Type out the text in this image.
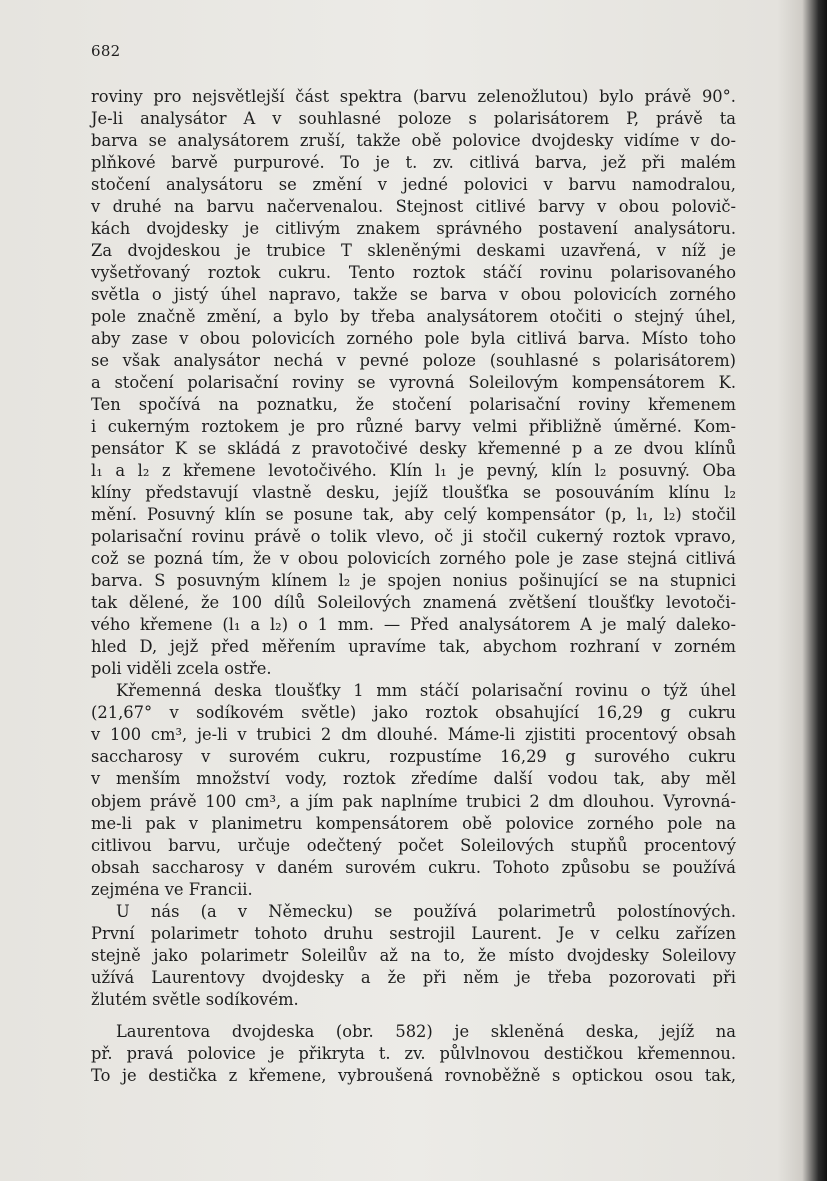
682
roviny pro nejsvětlejší část spektra (barvu zelenožlutou) bylo právě 90°.
Je-li analysátor A v souhlasné poloze s polarisátorem P, právě ta
barva se analysátorem zruší, takže obě polovice dvojdesky vidíme v do-
plňkové barvě purpurové. To je t. zv. citlivá barva, jež při malém
stočení analysátoru se změní v jedné polovici v barvu namodralou,
v druhé na barvu načervenalou. Stejnost citlivé barvy v obou polovič-
kách dvojdesky je citlivým znakem správného postavení analysátoru.
Za dvojdeskou je trubice T skleněnými deskami uzavřená, v níž je
vyšetřovaný roztok cukru. Tento roztok stáčí rovinu polarisovaného
světla o jistý úhel napravo, takže se barva v obou polovicích zorného
pole značně změní, a bylo by třeba analysátorem otočiti o stejný úhel,
aby zase v obou polovicích zorného pole byla citlivá barva. Místo toho
se však analysátor nechá v pevné poloze (souhlasné s polarisátorem)
a stočení polarisační roviny se vyrovná Soleilovým kompensátorem K.
Ten spočívá na poznatku, že stočení polarisační roviny křemenem
i cukerným roztokem je pro různé barvy velmi přibližně úměrné. Kom-
pensátor K se skládá z pravotočivé desky křemenné p a ze dvou klínů
l₁ a l₂ z křemene levotočivého. Klín l₁ je pevný, klín l₂ posuvný. Oba
klíny představují vlastně desku, jejíž tloušťka se posouváním klínu l₂
mění. Posuvný klín se posune tak, aby celý kompensátor (p, l₁, l₂) stočil
polarisační rovinu právě o tolik vlevo, oč ji stočil cukerný roztok vpravo,
což se pozná tím, že v obou polovicích zorného pole je zase stejná citlivá
barva. S posuvným klínem l₂ je spojen nonius pošinující se na stupnici
tak dělené, že 100 dílů Soleilových znamená zvětšení tloušťky levotoči-
vého křemene (l₁ a l₂) o 1 mm. — Před analysátorem A je malý daleko-
hled D, jejž před měřením upravíme tak, abychom rozhraní v zorném
poli viděli zcela ostře.
Křemenná deska tloušťky 1 mm stáčí polarisační rovinu o týž úhel
(21,67° v sodíkovém světle) jako roztok obsahující 16,29 g cukru
v 100 cm³, je-li v trubici 2 dm dlouhé. Máme-li zjistiti procentový obsah
saccharosy v surovém cukru, rozpustíme 16,29 g surového cukru
v menším množství vody, roztok zředíme další vodou tak, aby měl
objem právě 100 cm³, a jím pak naplníme trubici 2 dm dlouhou. Vyrovná-
me-li pak v planimetru kompensátorem obě polovice zorného pole na
citlivou barvu, určuje odečtený počet Soleilových stupňů procentový
obsah saccharosy v daném surovém cukru. Tohoto způsobu se používá
zejména ve Francii.
U nás (a v Německu) se používá polarimetrů polostínových.
První polarimetr tohoto druhu sestrojil Laurent. Je v celku zařízen
stejně jako polarimetr Soleilův až na to, že místo dvojdesky Soleilovy
užívá Laurentovy dvojdesky a že při něm je třeba pozorovati při
žlutém světle sodíkovém.
Laurentova dvojdeska (obr. 582) je skleněná deska, jejíž na
př. pravá polovice je přikryta t. zv. půlvlnovou destičkou křemennou.
To je destička z křemene, vybroušená rovnoběžně s optickou osou tak,
